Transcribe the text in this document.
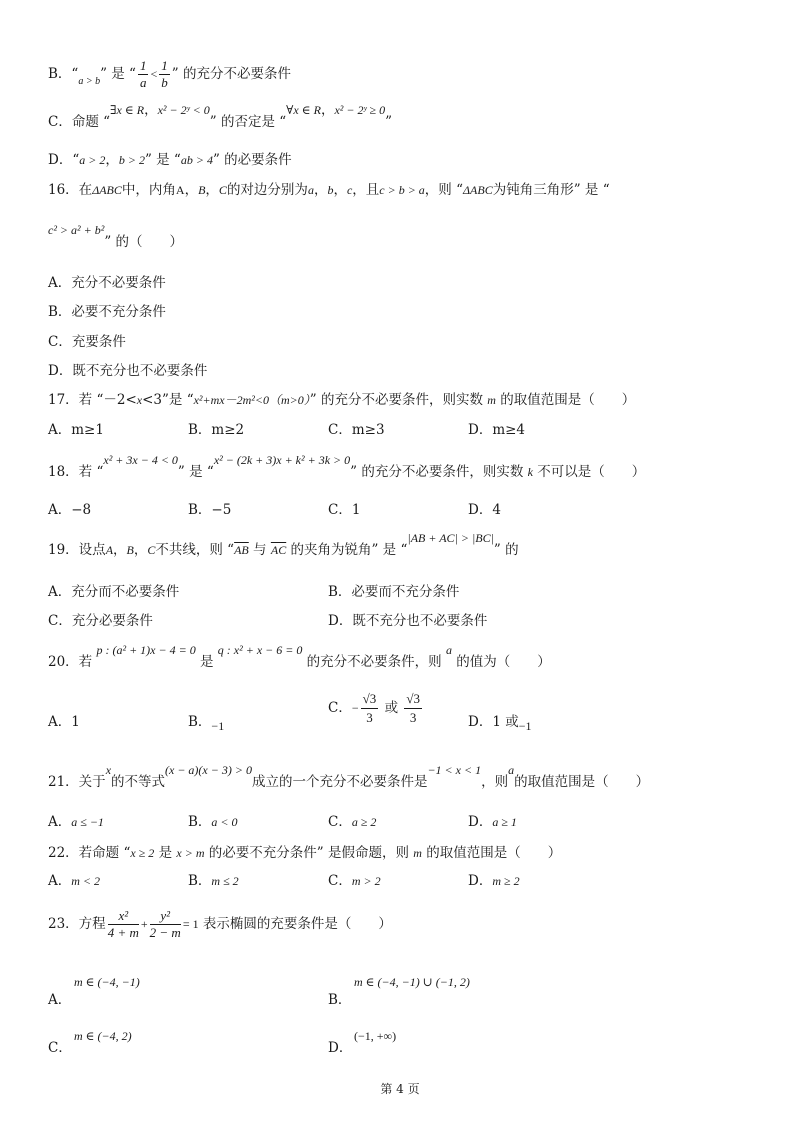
B．“$_{a > b}$” 是 “ $\frac{1}{a} < \frac{1}{b}$ ” 的充分不必要条件
C．命题 “∃x ∈ R，x² − 2ʸ < 0” 的否定是 “∀x ∈ R，x² − 2ʸ ≥ 0”
D．“a > 2，b > 2” 是 “ab > 4” 的必要条件
16．在ΔABC中，内角A，B，C的对边分别为a，b，c，且c > b > a，则 “ΔABC为钝角三角形” 是 “
c² > a² + b²” 的（　　）
A．充分不必要条件
B．必要不充分条件
C．充要条件
D．既不充分也不必要条件
17．若 “－2<x<3”是 “x²+mx－2m²<0（m>0）” 的充分不必要条件，则实数 m 的取值范围是（　　）
A．m≥1	B．m≥2	C．m≥3	D．m≥4
18．若 “x² + 3x − 4 < 0” 是 “x² − (2k + 3)x + k² + 3k > 0” 的充分不必要条件，则实数 k 不可以是（　　）
A．−8	B．−5	C．1	D．4
19．设点A，B，C不共线，则 “$\overline{AB}$ 与 $\overline{AC}$ 的夹角为锐角” 是 “|AB + AC| > |BC|” 的
A．充分而不必要条件	B．必要而不充分条件
C．充分必要条件	D．既不充分也不必要条件
20．若 p : (a² + 1)x − 4 = 0 是 q : x² + x − 6 = 0 的充分不必要条件，则 a 的值为（　　）
A．1	B．−1
C．− $\frac{√3}{3}$ 或 $\frac{√3}{3}$	D．1 或−1
21．关于x的不等式(x − a)(x − 3) > 0成立的一个充分不必要条件是−1 < x < 1，则a的取值范围是（　　）
A．a ≤ −1	B．a < 0	C．a ≥ 2	D．a ≥ 1
22．若命题 “x ≥ 2 是 x > m 的必要不充分条件” 是假命题，则 m 的取值范围是（　　）
A．m < 2	B．m ≤ 2	C．m > 2	D．m ≥ 2
23．方程 $\frac{\text{x²}}{4 + m} + \frac{\text{y²}}{2 - m} = 1$ 表示椭圆的充要条件是（　　）
A．
m ∈ (−4, −1)
B．
m ∈ (−4, −1) ∪ (−1, 2)
C．
m ∈ (−4, 2)
D．
(−1, +∞)
第 4 页
